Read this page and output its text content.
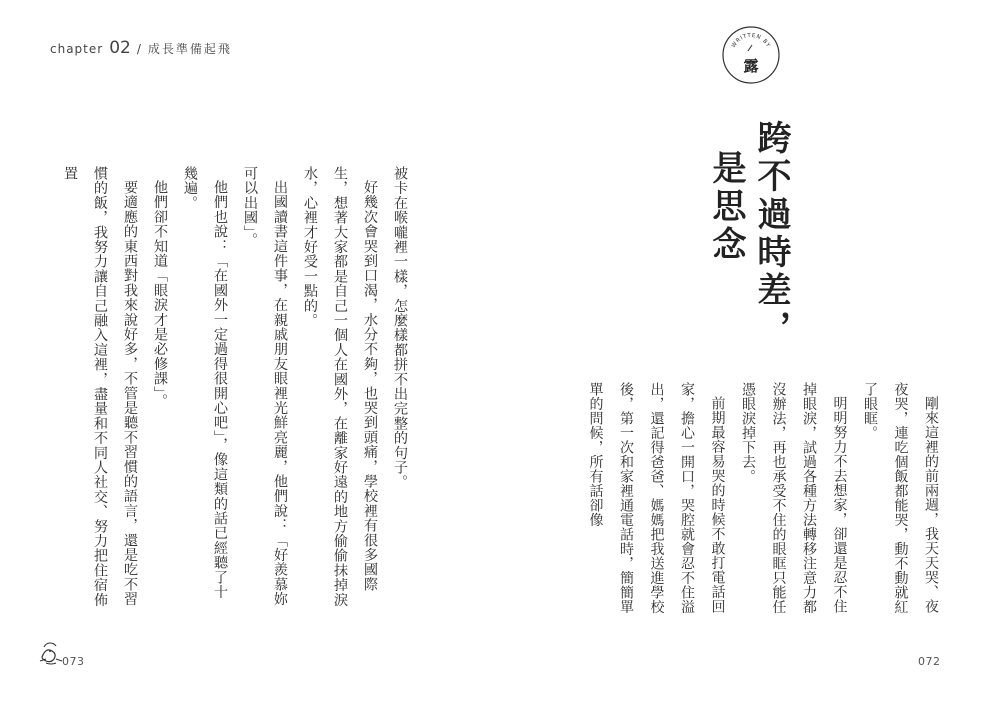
chapter 02 / 成長準備起飛

被卡在喉嚨裡一樣，怎麼樣都拼不出完整的句子。

好幾次會哭到口渴，水分不夠，也哭到頭痛，學校裡有很多國際生，想著大家都是自己一個人在國外，在離家好遠的地方偷偷抹掉淚水，心裡才好受一點的。

出國讀書這件事，在親戚朋友眼裡光鮮亮麗，他們說：「好羨慕妳可以出國」。

他們也說：「在國外一定過得很開心吧」，像這類的話已經聽了十幾遍。

他們卻不知道「眼淚才是必修課」。

要適應的東西對我來說好多，不管是聽不習慣的語言，還是吃不習慣的飯，我努力讓自己融入這裡，盡量和不同人社交、努力把住宿佈置

073
WRITTEN BY
露
跨不過時差，
是思念

剛來這裡的前兩週，我天天哭、夜夜哭，連吃個飯都能哭，動不動就紅了眼眶。

明明努力不去想家，卻還是忍不住掉眼淚，試過各種方法轉移注意力都沒辦法，再也承受不住的眼眶只能任憑眼淚掉下去。

前期最容易哭的時候不敢打電話回家，擔心一開口，哭腔就會忍不住溢出，還記得爸爸、媽媽把我送進學校後，第一次和家裡通電話時，簡簡單單的問候，所有話卻像

072
